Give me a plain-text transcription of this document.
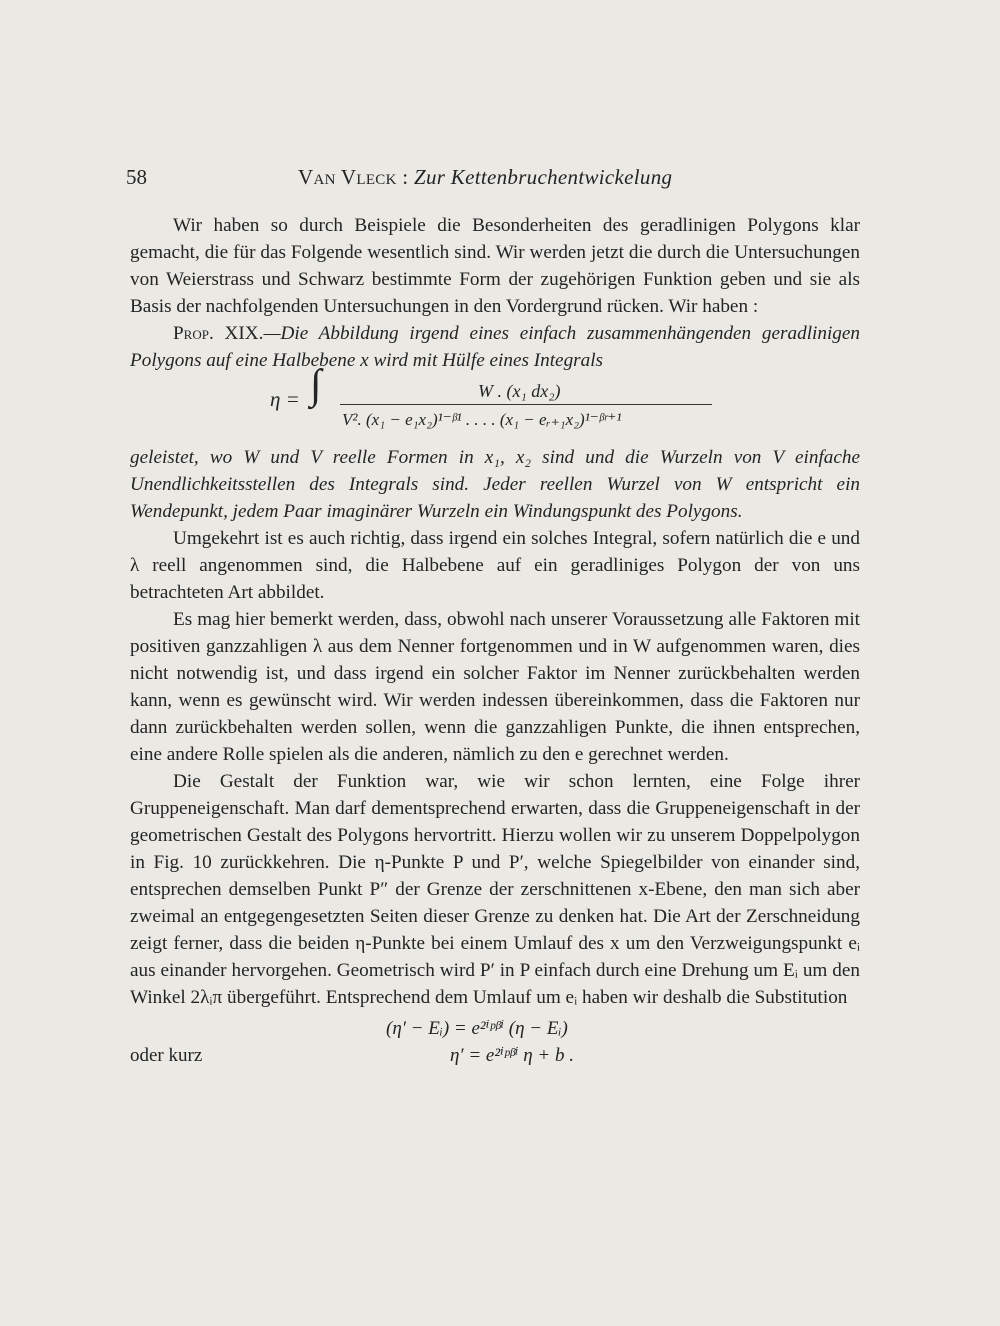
58	Van Vleck : Zur Kettenbruchentwickelung

Wir haben so durch Beispiele die Besonderheiten des geradlinigen Polygons klar gemacht, die für das Folgende wesentlich sind. Wir werden jetzt die durch die Untersuchungen von Weierstrass und Schwarz bestimmte Form der zugehörigen Funktion geben und sie als Basis der nachfolgenden Untersuchungen in den Vordergrund rücken. Wir haben :

Prop. XIX.—Die Abbildung irgend eines einfach zusammenhängenden geradlinigen Polygons auf eine Halbebene x wird mit Hülfe eines Integrals

η = ∫	W . (x₁ dx₂)
V². (x₁ − e₁x₂)¹⁻ᵝ¹ . . . . (x₁ − eᵣ₊₁x₂)¹⁻ᵝʳ⁺¹

geleistet, wo W und V reelle Formen in x₁, x₂ sind und die Wurzeln von V einfache Unendlichkeitsstellen des Integrals sind. Jeder reellen Wurzel von W entspricht ein Wendepunkt, jedem Paar imaginärer Wurzeln ein Windungspunkt des Polygons.

Umgekehrt ist es auch richtig, dass irgend ein solches Integral, sofern natürlich die e und λ reell angenommen sind, die Halbebene auf ein geradliniges Polygon der von uns betrachteten Art abbildet.

Es mag hier bemerkt werden, dass, obwohl nach unserer Voraussetzung alle Faktoren mit positiven ganzzahligen λ aus dem Nenner fortgenommen und in W aufgenommen waren, dies nicht notwendig ist, und dass irgend ein solcher Faktor im Nenner zurückbehalten werden kann, wenn es gewünscht wird. Wir werden indessen übereinkommen, dass die Faktoren nur dann zurückbehalten werden sollen, wenn die ganzzahligen Punkte, die ihnen entsprechen, eine andere Rolle spielen als die anderen, nämlich zu den e gerechnet werden.

Die Gestalt der Funktion war, wie wir schon lernten, eine Folge ihrer Gruppeneigenschaft. Man darf dementsprechend erwarten, dass die Gruppeneigenschaft in der geometrischen Gestalt des Polygons hervortritt. Hierzu wollen wir zu unserem Doppelpolygon in Fig. 10 zurückkehren. Die η-Punkte P und P′, welche Spiegelbilder von einander sind, entsprechen demselben Punkt P″ der Grenze der zerschnittenen x-Ebene, den man sich aber zweimal an entgegengesetzten Seiten dieser Grenze zu denken hat. Die Art der Zerschneidung zeigt ferner, dass die beiden η-Punkte bei einem Umlauf des x um den Verzweigungspunkt eᵢ aus einander hervorgehen. Geometrisch wird P′ in P einfach durch eine Drehung um Eᵢ um den Winkel 2λᵢπ übergeführt. Entsprechend dem Umlauf um eᵢ haben wir deshalb die Substitution

(η′ − Eᵢ) = e²ⁱᵖᵝⁱ (η − Eᵢ)
oder kurz	η′ = e²ⁱᵖᵝⁱ η + b .
